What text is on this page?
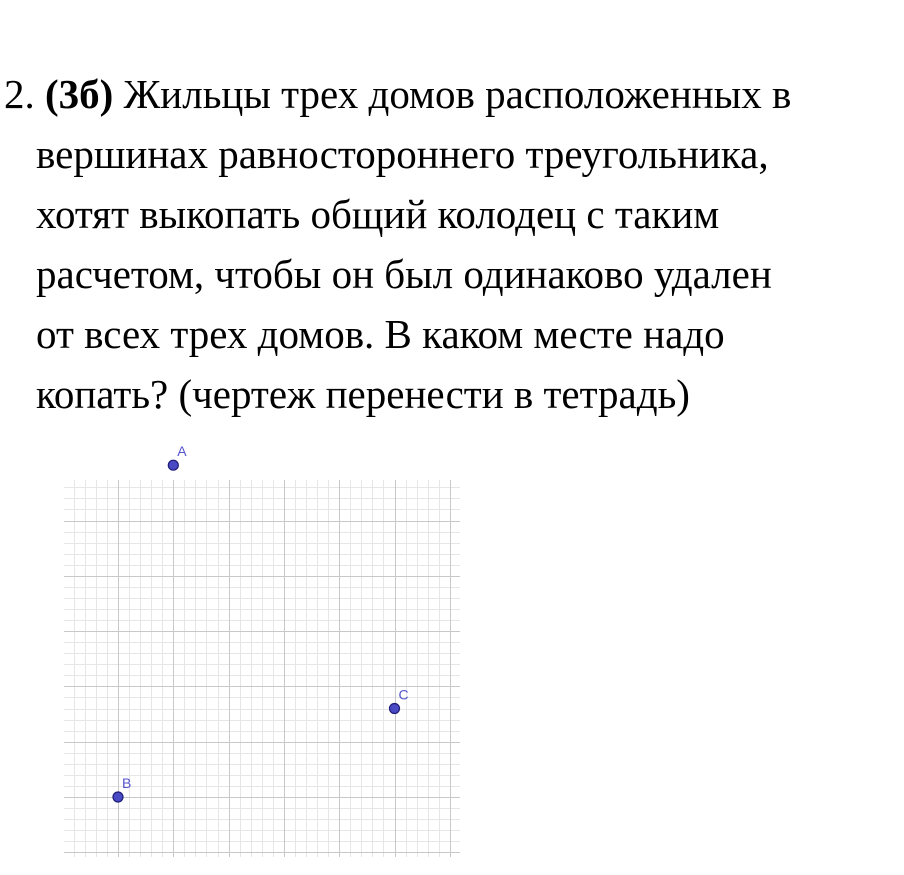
2. (3б) Жильцы трех домов расположенных в
вершинах равностороннего треугольника,
хотят выкопать общий колодец с таким
расчетом, чтобы он был одинаково удален
от всех трех домов. В каком месте надо
копать? (чертеж перенести в тетрадь)
A
B
C
